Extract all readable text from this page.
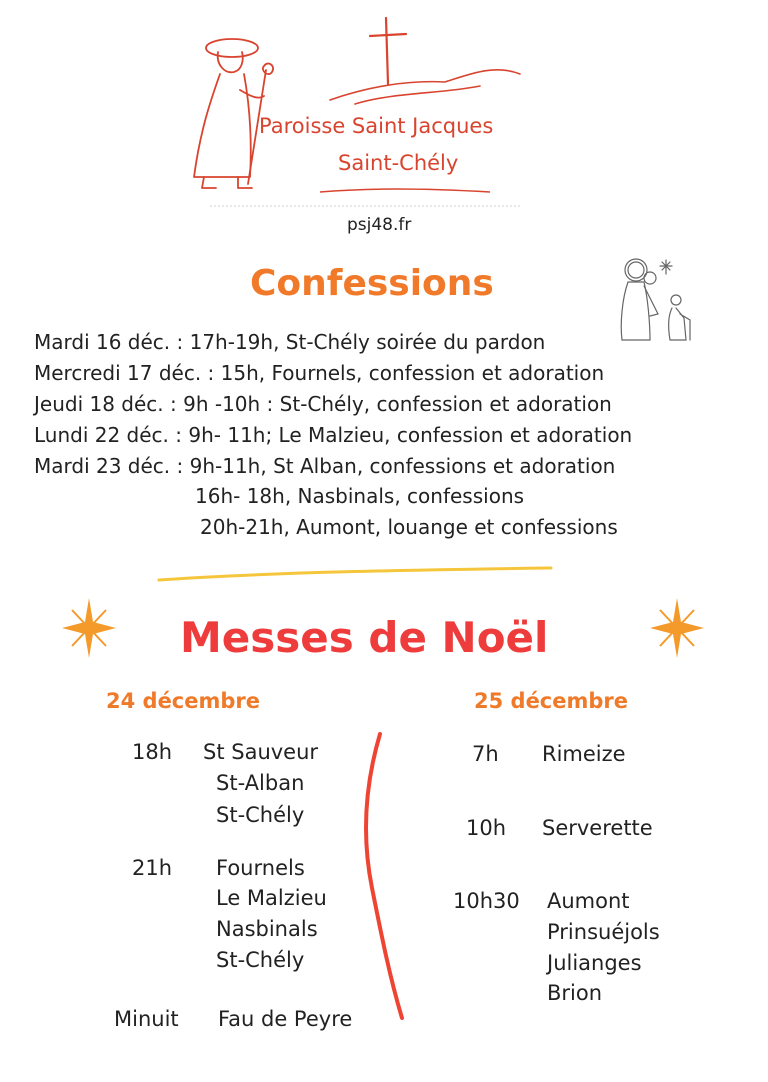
Paroisse Saint Jacques
Saint-Chély
psj48.fr
Confessions
Mardi 16 déc. : 17h-19h, St-Chély soirée du pardon
Mercredi 17 déc. : 15h, Fournels, confession et adoration
Jeudi 18 déc. : 9h -10h : St-Chély, confession et adoration
Lundi 22 déc. : 9h- 11h; Le Malzieu, confession et adoration
Mardi 23 déc. : 9h-11h, St Alban, confessions et adoration
16h- 18h, Nasbinals, confessions
20h-21h, Aumont, louange et confessions
Messes de Noël
24 décembre	25 décembre
18h St Sauveur
St-Alban
St-Chély
21h Fournels
Le Malzieu
Nasbinals
St-Chély
Minuit Fau de Peyre
7h Rimeize
10h Serverette
10h30 Aumont
Prinsuéjols
Julianges
Brion
